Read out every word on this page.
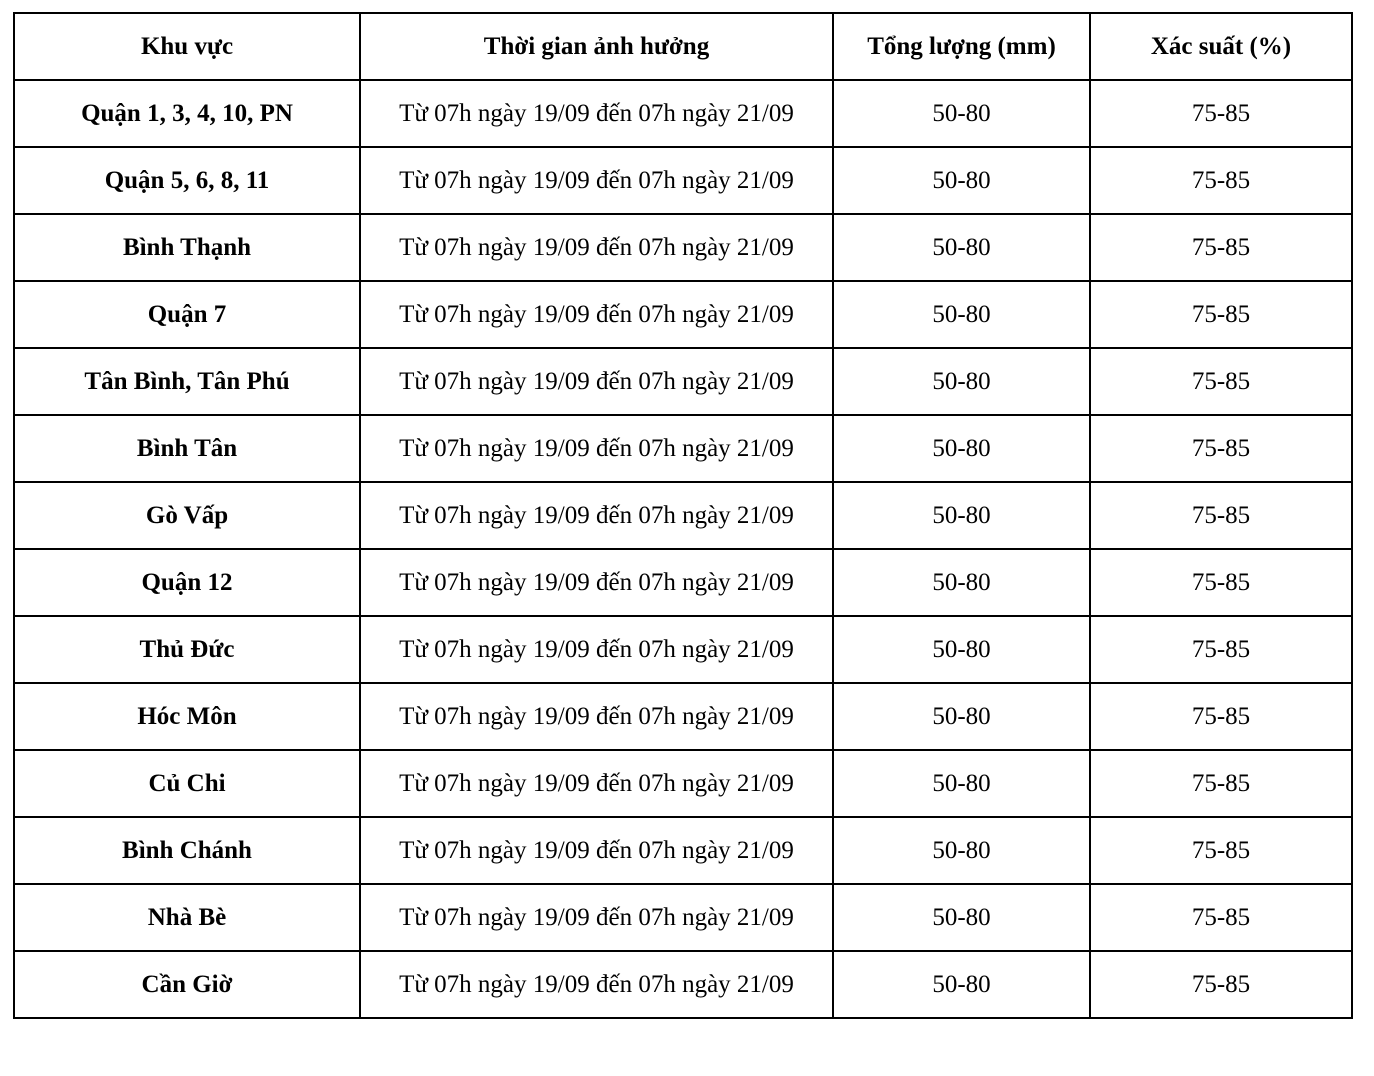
Khu vực	Thời gian ảnh hưởng	Tổng lượng (mm)	Xác suất (%)
Quận 1, 3, 4, 10, PN	Từ 07h ngày 19/09 đến 07h ngày 21/09	50-80	75-85
Quận 5, 6, 8, 11	Từ 07h ngày 19/09 đến 07h ngày 21/09	50-80	75-85
Bình Thạnh	Từ 07h ngày 19/09 đến 07h ngày 21/09	50-80	75-85
Quận 7	Từ 07h ngày 19/09 đến 07h ngày 21/09	50-80	75-85
Tân Bình, Tân Phú	Từ 07h ngày 19/09 đến 07h ngày 21/09	50-80	75-85
Bình Tân	Từ 07h ngày 19/09 đến 07h ngày 21/09	50-80	75-85
Gò Vấp	Từ 07h ngày 19/09 đến 07h ngày 21/09	50-80	75-85
Quận 12	Từ 07h ngày 19/09 đến 07h ngày 21/09	50-80	75-85
Thủ Đức	Từ 07h ngày 19/09 đến 07h ngày 21/09	50-80	75-85
Hóc Môn	Từ 07h ngày 19/09 đến 07h ngày 21/09	50-80	75-85
Củ Chi	Từ 07h ngày 19/09 đến 07h ngày 21/09	50-80	75-85
Bình Chánh	Từ 07h ngày 19/09 đến 07h ngày 21/09	50-80	75-85
Nhà Bè	Từ 07h ngày 19/09 đến 07h ngày 21/09	50-80	75-85
Cần Giờ	Từ 07h ngày 19/09 đến 07h ngày 21/09	50-80	75-85
